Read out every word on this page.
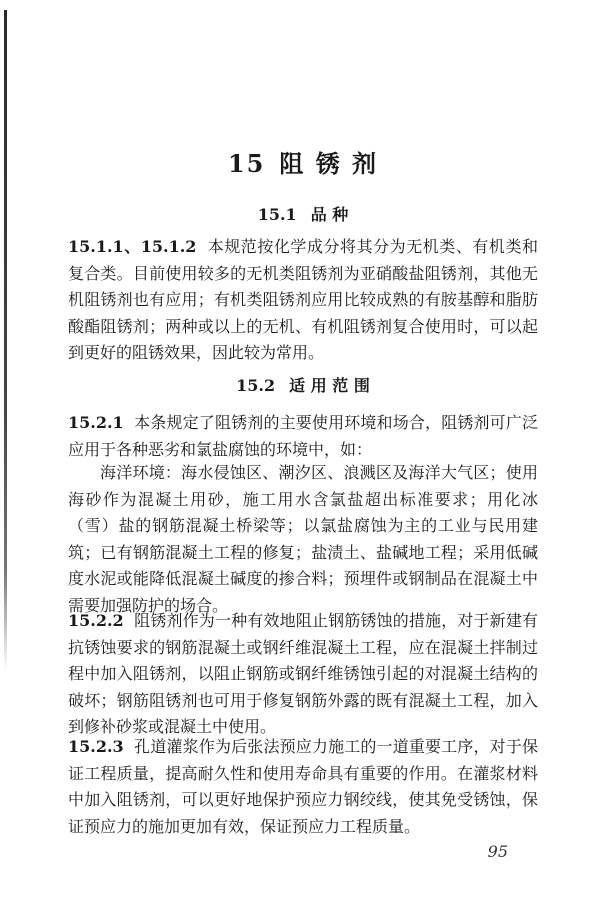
15 阻 锈 剂
15.1 品 种
15.1.1、15.1.2 本规范按化学成分将其分为无机类、有机类和复合类。目前使用较多的无机类阻锈剂为亚硝酸盐阻锈剂，其他无机阻锈剂也有应用；有机类阻锈剂应用比较成熟的有胺基醇和脂肪酸酯阻锈剂；两种或以上的无机、有机阻锈剂复合使用时，可以起到更好的阻锈效果，因此较为常用。
15.2 适 用 范 围
15.2.1 本条规定了阻锈剂的主要使用环境和场合，阻锈剂可广泛应用于各种恶劣和氯盐腐蚀的环境中，如：
海洋环境：海水侵蚀区、潮汐区、浪溅区及海洋大气区；使用海砂作为混凝土用砂，施工用水含氯盐超出标准要求；用化冰（雪）盐的钢筋混凝土桥梁等；以氯盐腐蚀为主的工业与民用建筑；已有钢筋混凝土工程的修复；盐渍土、盐碱地工程；采用低碱度水泥或能降低混凝土碱度的掺合料；预埋件或钢制品在混凝土中需要加强防护的场合。
15.2.2 阻锈剂作为一种有效地阻止钢筋锈蚀的措施，对于新建有抗锈蚀要求的钢筋混凝土或钢纤维混凝土工程，应在混凝土拌制过程中加入阻锈剂，以阻止钢筋或钢纤维锈蚀引起的对混凝土结构的破坏；钢筋阻锈剂也可用于修复钢筋外露的既有混凝土工程，加入到修补砂浆或混凝土中使用。
15.2.3 孔道灌浆作为后张法预应力施工的一道重要工序，对于保证工程质量，提高耐久性和使用寿命具有重要的作用。在灌浆材料中加入阻锈剂，可以更好地保护预应力钢绞线，使其免受锈蚀，保证预应力的施加更加有效，保证预应力工程质量。
95
